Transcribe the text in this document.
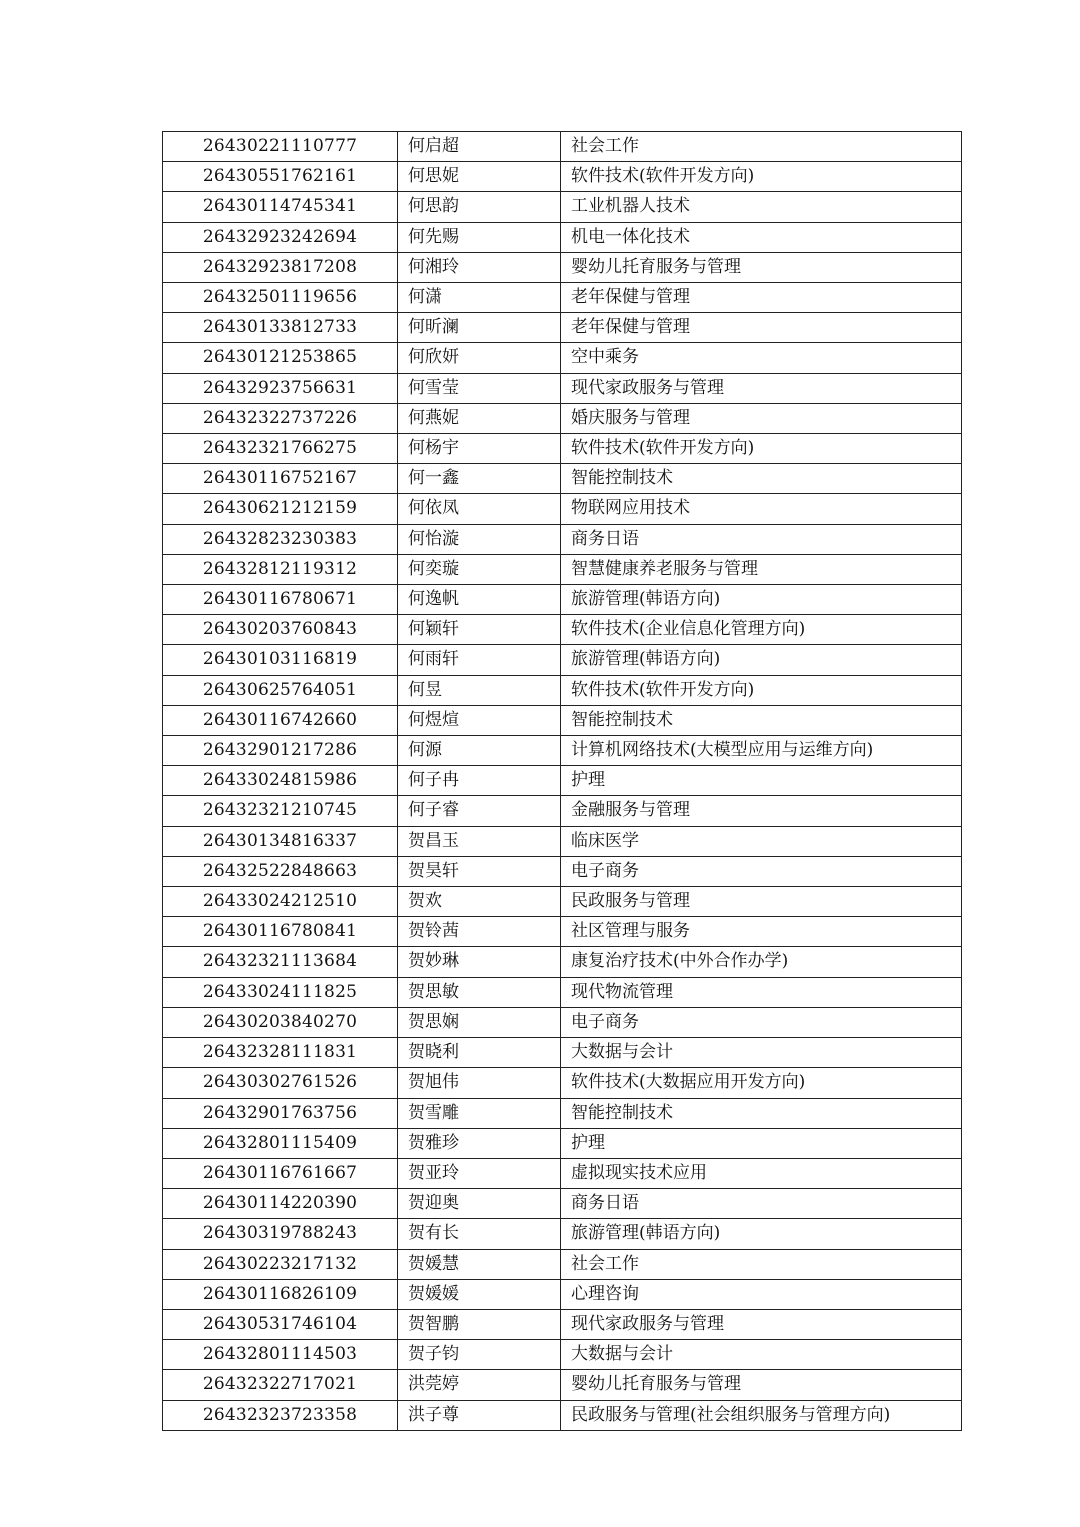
26430221110777	何启超	社会工作
26430551762161	何思妮	软件技术(软件开发方向)
26430114745341	何思韵	工业机器人技术
26432923242694	何先赐	机电一体化技术
26432923817208	何湘玲	婴幼儿托育服务与管理
26432501119656	何潇	老年保健与管理
26430133812733	何昕澜	老年保健与管理
26430121253865	何欣妍	空中乘务
26432923756631	何雪莹	现代家政服务与管理
26432322737226	何燕妮	婚庆服务与管理
26432321766275	何杨宇	软件技术(软件开发方向)
26430116752167	何一鑫	智能控制技术
26430621212159	何依凤	物联网应用技术
26432823230383	何怡漩	商务日语
26432812119312	何奕璇	智慧健康养老服务与管理
26430116780671	何逸帆	旅游管理(韩语方向)
26430203760843	何颖轩	软件技术(企业信息化管理方向)
26430103116819	何雨轩	旅游管理(韩语方向)
26430625764051	何昱	软件技术(软件开发方向)
26430116742660	何煜煊	智能控制技术
26432901217286	何源	计算机网络技术(大模型应用与运维方向)
26433024815986	何子冉	护理
26432321210745	何子睿	金融服务与管理
26430134816337	贺昌玉	临床医学
26432522848663	贺昊轩	电子商务
26433024212510	贺欢	民政服务与管理
26430116780841	贺铃茜	社区管理与服务
26432321113684	贺妙琳	康复治疗技术(中外合作办学)
26433024111825	贺思敏	现代物流管理
26430203840270	贺思娴	电子商务
26432328111831	贺晓利	大数据与会计
26430302761526	贺旭伟	软件技术(大数据应用开发方向)
26432901763756	贺雪雕	智能控制技术
26432801115409	贺雅珍	护理
26430116761667	贺亚玲	虚拟现实技术应用
26430114220390	贺迎奥	商务日语
26430319788243	贺有长	旅游管理(韩语方向)
26430223217132	贺媛慧	社会工作
26430116826109	贺媛媛	心理咨询
26430531746104	贺智鹏	现代家政服务与管理
26432801114503	贺子钧	大数据与会计
26432322717021	洪莞婷	婴幼儿托育服务与管理
26432323723358	洪子尊	民政服务与管理(社会组织服务与管理方向)
